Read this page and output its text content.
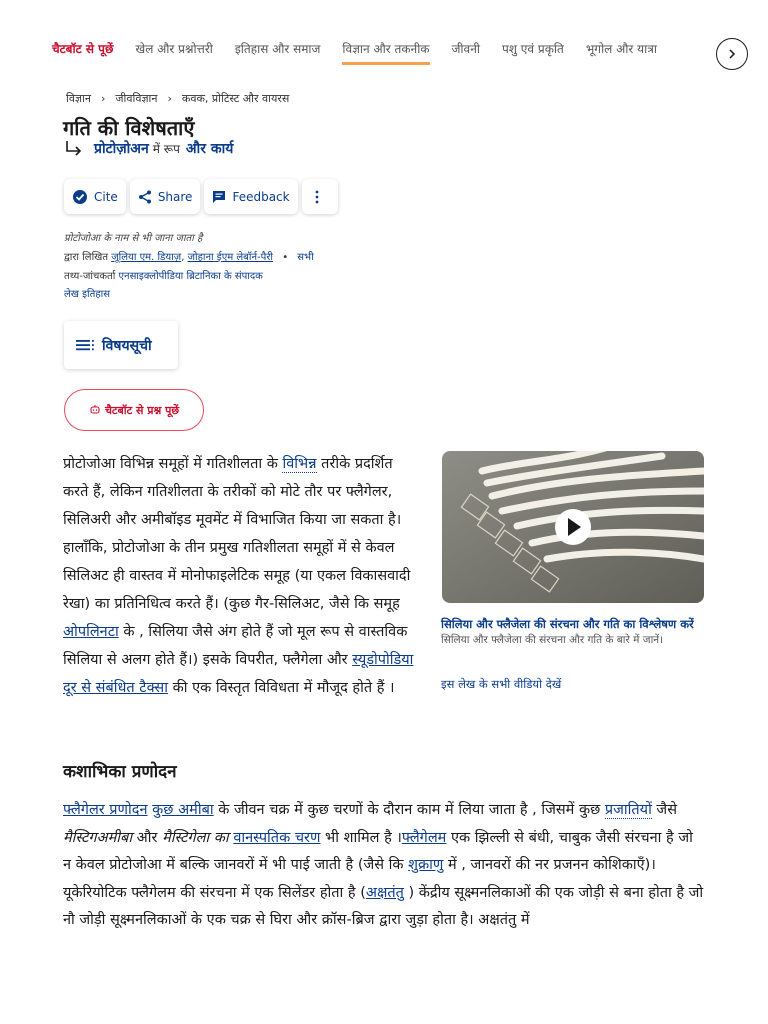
चैटबॉट से पूछें खेल और प्रश्नोत्तरी इतिहास और समाज विज्ञान और तकनीक जीवनी पशु एवं प्रकृति भूगोल और यात्रा
विज्ञान › जीवविज्ञान › कवक, प्रोटिस्ट और वायरस
गति की विशेषताएँ
प्रोटोज़ोअन में रूप और कार्य
Cite	Share	Feedback
प्रोटोजोआ के नाम से भी जाना जाता है
द्वारा लिखित जूलिया एम. डियाज़, जोहाना ईएम लेबॉर्न-पैरी • सभी
तथ्य-जांचकर्ता एनसाइक्लोपीडिया ब्रिटानिका के संपादक
लेख इतिहास
विषयसूची
चैटबॉट से प्रश्न पूछें

प्रोटोजोआ विभिन्न समूहों में गतिशीलता के विभिन्न तरीके प्रदर्शित करते हैं, लेकिन गतिशीलता के तरीकों को मोटे तौर पर फ्लैगेलर, सिलिअरी और अमीबॉइड मूवमेंट में विभाजित किया जा सकता है। हालाँकि, प्रोटोजोआ के तीन प्रमुख गतिशीलता समूहों में से केवल सिलिअट ही वास्तव में मोनोफाइलेटिक समूह (या एकल विकासवादी रेखा) का प्रतिनिधित्व करते हैं। (कुछ गैर-सिलिअट, जैसे कि समूह ओपलिनटा के , सिलिया जैसे अंग होते हैं जो मूल रूप से वास्तविक सिलिया से अलग होते हैं।) इसके विपरीत, फ्लैगेला और स्यूडोपोडिया दूर से संबंधित टैक्सा की एक विस्तृत विविधता में मौजूद होते हैं ।

सिलिया और फ्लैजेला की संरचना और गति का विश्लेषण करें सिलिया और फ्लैजेला की संरचना और गति के बारे में जानें।
इस लेख के सभी वीडियो देखें
कशाभिका प्रणोदन

फ्लैगेलर प्रणोदन कुछ अमीबा के जीवन चक्र में कुछ चरणों के दौरान काम में लिया जाता है , जिसमें कुछ प्रजातियों जैसे मैस्टिगअमीबा और मैस्टिगेला का वानस्पतिक चरण भी शामिल है ।फ्लैगेलम एक झिल्ली से बंधी, चाबुक जैसी संरचना है जो न केवल प्रोटोजोआ में बल्कि जानवरों में भी पाई जाती है (जैसे कि शुक्राणु में , जानवरों की नर प्रजनन कोशिकाएँ)। यूकेरियोटिक फ्लैगेलम की संरचना में एक सिलेंडर होता है (अक्षतंतु ) केंद्रीय सूक्ष्मनलिकाओं की एक जोड़ी से बना होता है जो नौ जोड़ी सूक्ष्मनलिकाओं के एक चक्र से घिरा और क्रॉस-ब्रिज द्वारा जुड़ा होता है। अक्षतंतु में
